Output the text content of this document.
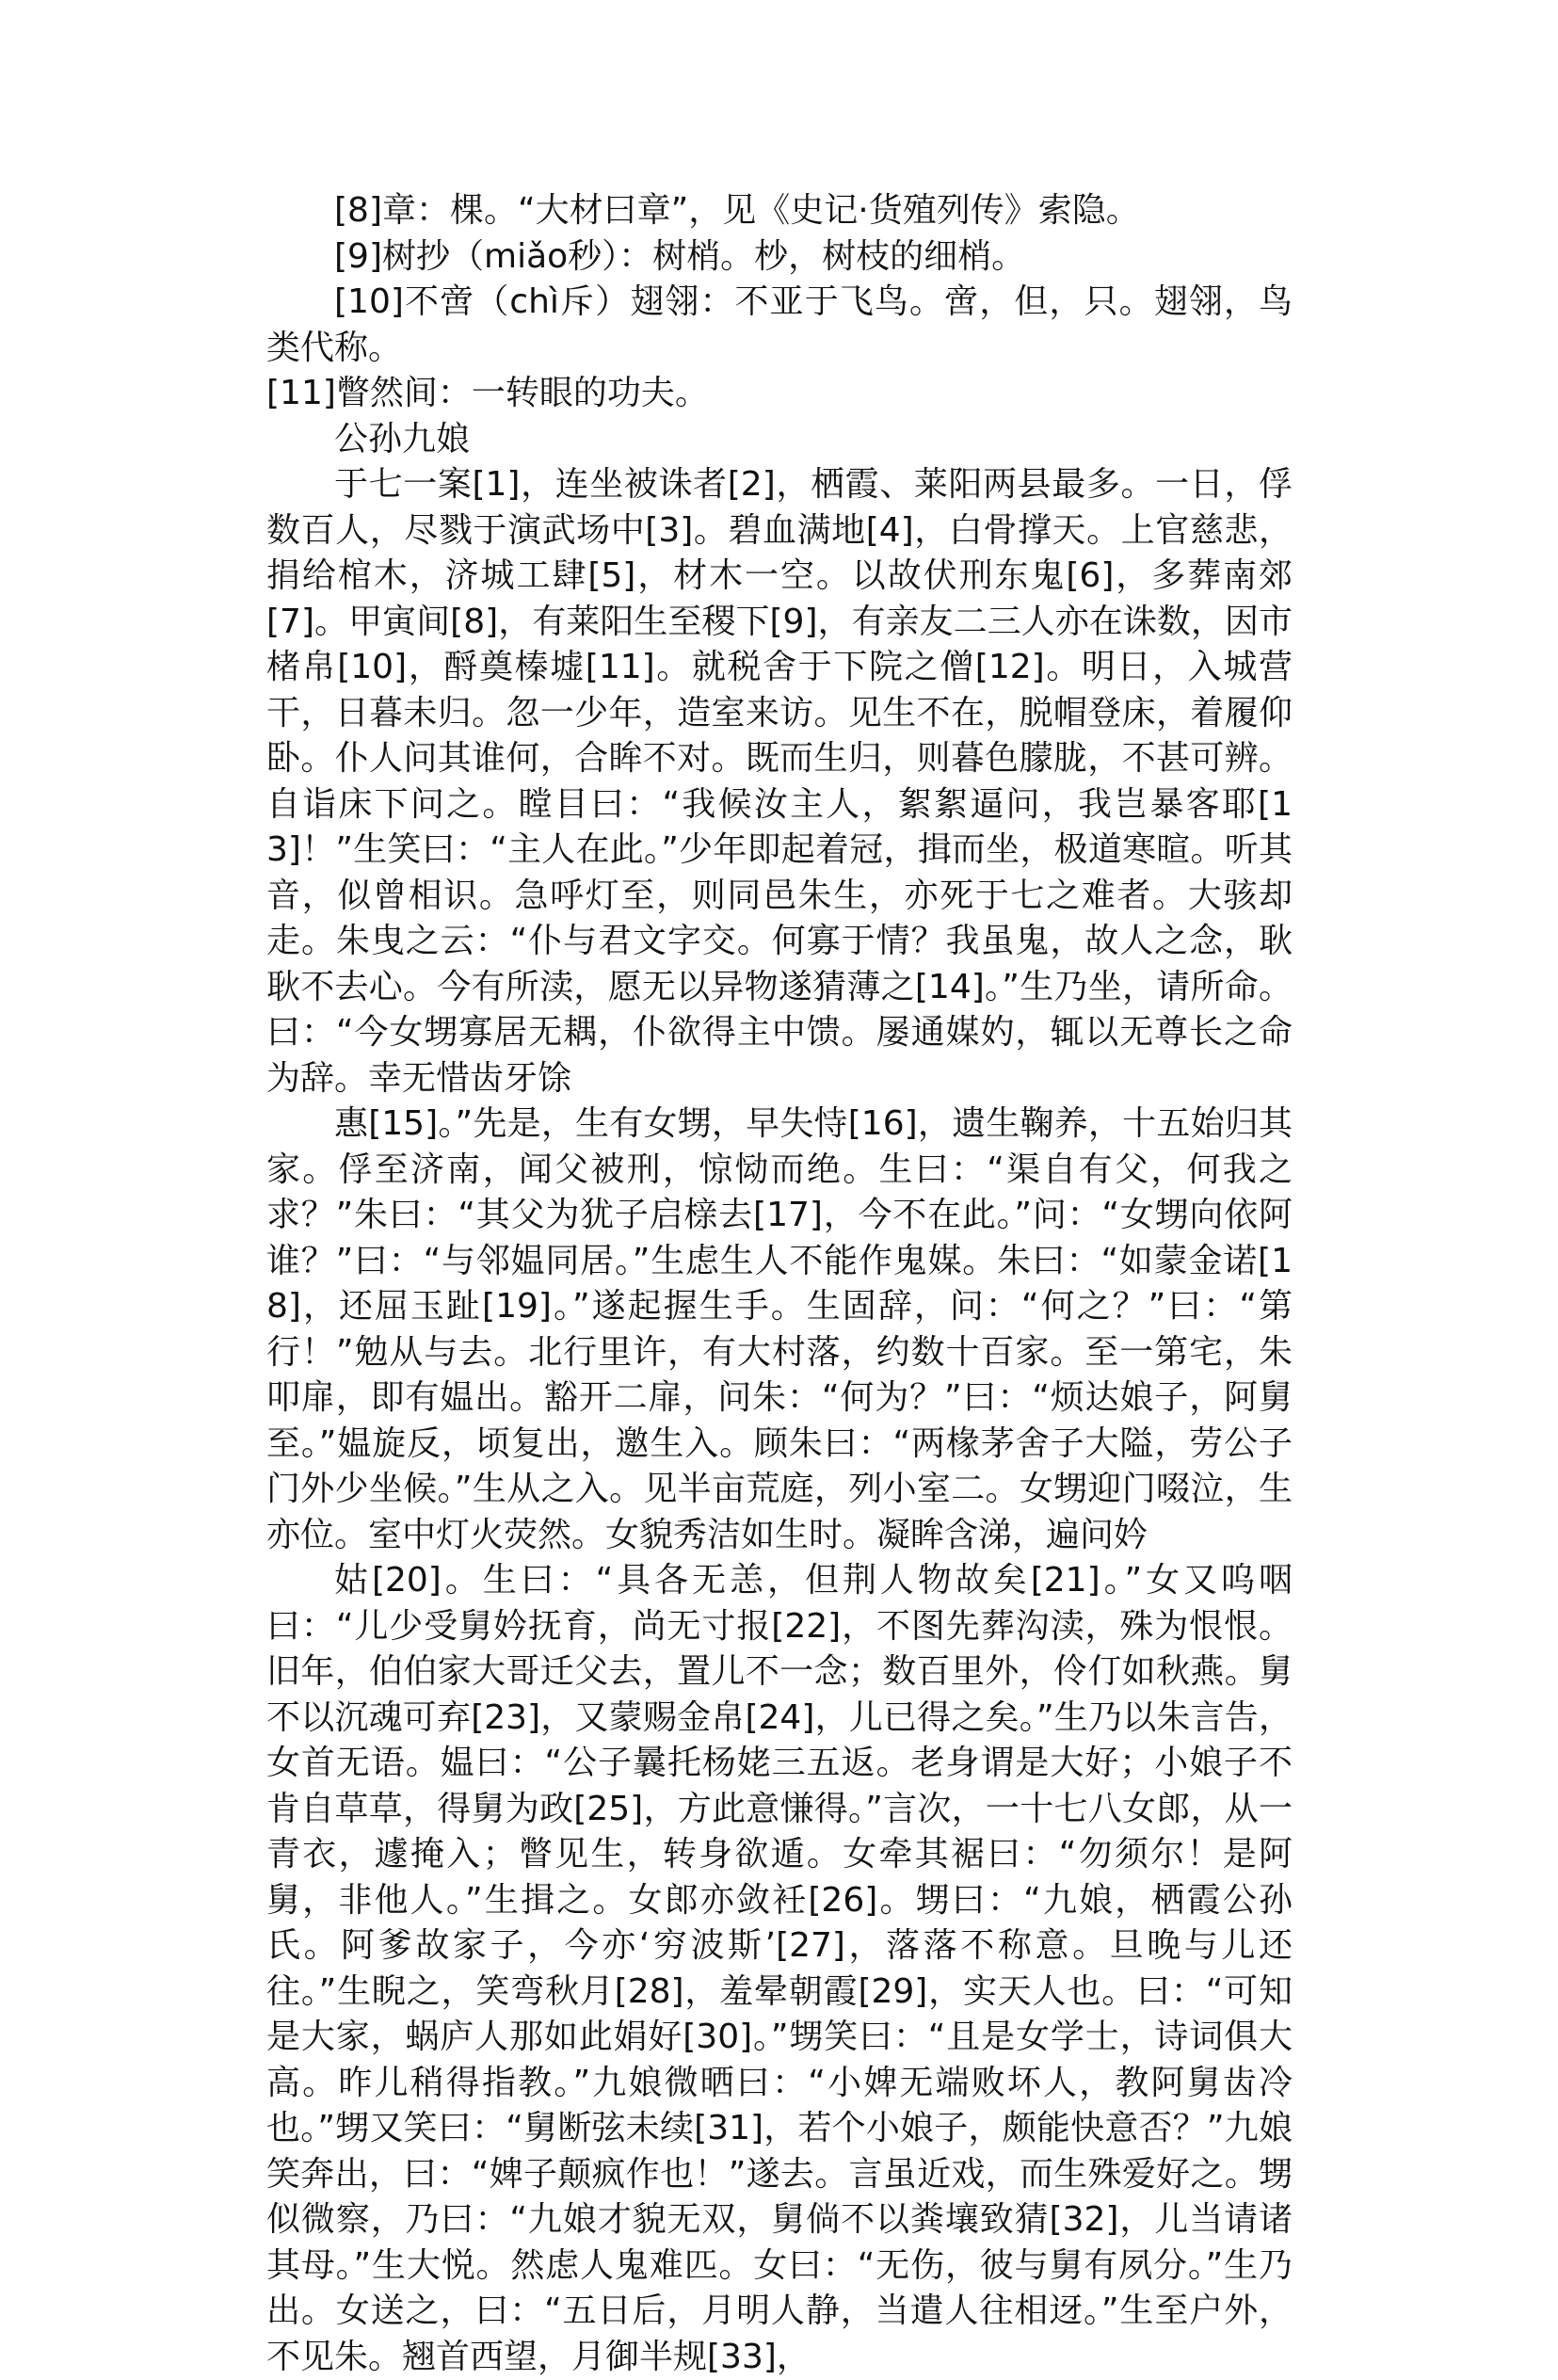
[8]章：棵。“大材曰章”，见《史记·货殖列传》索隐。

[9]树抄（miǎo秒）：树梢。杪，树枝的细梢。

[10]不啻（chì斥）翅翎：不亚于飞鸟。啻，但，只。翅翎，鸟类代称。

[11]瞥然间：一转眼的功夫。

公孙九娘

于七一案[1]，连坐被诛者[2]，栖霞、莱阳两县最多。一日，俘数百人，尽戮于演武场中[3]。碧血满地[4]，白骨撑天。上官慈悲，捐给棺木，济城工肆[5]，材木一空。以故伏刑东鬼[6]，多葬南郊[7]。甲寅间[8]，有莱阳生至稷下[9]，有亲友二三人亦在诛数，因市楮帛[10]，酹奠榛墟[11]。就税舍于下院之僧[12]。明日，入城营干，日暮未归。忽一少年，造室来访。见生不在，脱帽登床，着履仰卧。仆人问其谁何，合眸不对。既而生归，则暮色朦胧，不甚可辨。自诣床下问之。瞠目曰：“我候汝主人，絮絮逼问，我岂暴客耶[13]！”生笑曰：“主人在此。”少年即起着冠，揖而坐，极道寒暄。听其音，似曾相识。急呼灯至，则同邑朱生，亦死于七之难者。大骇却走。朱曳之云：“仆与君文字交。何寡于情？我虽鬼，故人之念，耿耿不去心。今有所渎，愿无以异物遂猜薄之[14]。”生乃坐，请所命。曰：“今女甥寡居无耦，仆欲得主中馈。屡通媒妁，辄以无尊长之命为辞。幸无惜齿牙馀

惠[15]。”先是，生有女甥，早失恃[16]，遗生鞠养，十五始归其家。俘至济南，闻父被刑，惊恸而绝。生曰：“渠自有父，何我之求？”朱曰：“其父为犹子启榇去[17]，今不在此。”问：“女甥向依阿谁？”曰：“与邻媪同居。”生虑生人不能作鬼媒。朱曰：“如蒙金诺[18]，还屈玉趾[19]。”遂起握生手。生固辞，问：“何之？”曰：“第行！”勉从与去。北行里许，有大村落，约数十百家。至一第宅，朱叩扉，即有媪出。豁开二扉，问朱：“何为？”曰：“烦达娘子，阿舅至。”媪旋反，顷复出，邀生入。顾朱曰：“两椽茅舍子大隘，劳公子门外少坐候。”生从之入。见半亩荒庭，列小室二。女甥迎门啜泣，生亦位。室中灯火荧然。女貌秀洁如生时。凝眸含涕，遍问妗

姑[20]。生曰：“具各无恙，但荆人物故矣[21]。”女又呜咽曰：“儿少受舅妗抚育，尚无寸报[22]，不图先葬沟渎，殊为恨恨。旧年，伯伯家大哥迁父去，置儿不一念；数百里外，伶仃如秋燕。舅不以沉魂可弃[23]，又蒙赐金帛[24]，儿已得之矣。”生乃以朱言告，女首无语。媪曰：“公子曩托杨姥三五返。老身谓是大好；小娘子不肯自草草，得舅为政[25]，方此意慊得。”言次，一十七八女郎，从一青衣，遽掩入；瞥见生，转身欲遁。女牵其裾曰：“勿须尔！是阿舅，非他人。”生揖之。女郎亦敛衽[26]。甥曰：“九娘，栖霞公孙氏。阿爹故家子，今亦‘穷波斯’[27]，落落不称意。旦晚与儿还往。”生睨之，笑弯秋月[28]，羞晕朝霞[29]，实天人也。曰：“可知是大家，蜗庐人那如此娟好[30]。”甥笑曰：“且是女学士，诗词俱大高。昨儿稍得指教。”九娘微晒曰：“小婢无端败坏人，教阿舅齿冷也。”甥又笑曰：“舅断弦未续[31]，若个小娘子，颇能快意否？”九娘笑奔出，曰：“婢子颠疯作也！”遂去。言虽近戏，而生殊爱好之。甥似微察，乃曰：“九娘才貌无双，舅倘不以粪壤致猜[32]，儿当请诸其母。”生大悦。然虑人鬼难匹。女曰：“无伤，彼与舅有夙分。”生乃出。女送之，曰：“五日后，月明人静，当遣人往相迓。”生至户外，不见朱。翘首西望，月御半规[33]，
